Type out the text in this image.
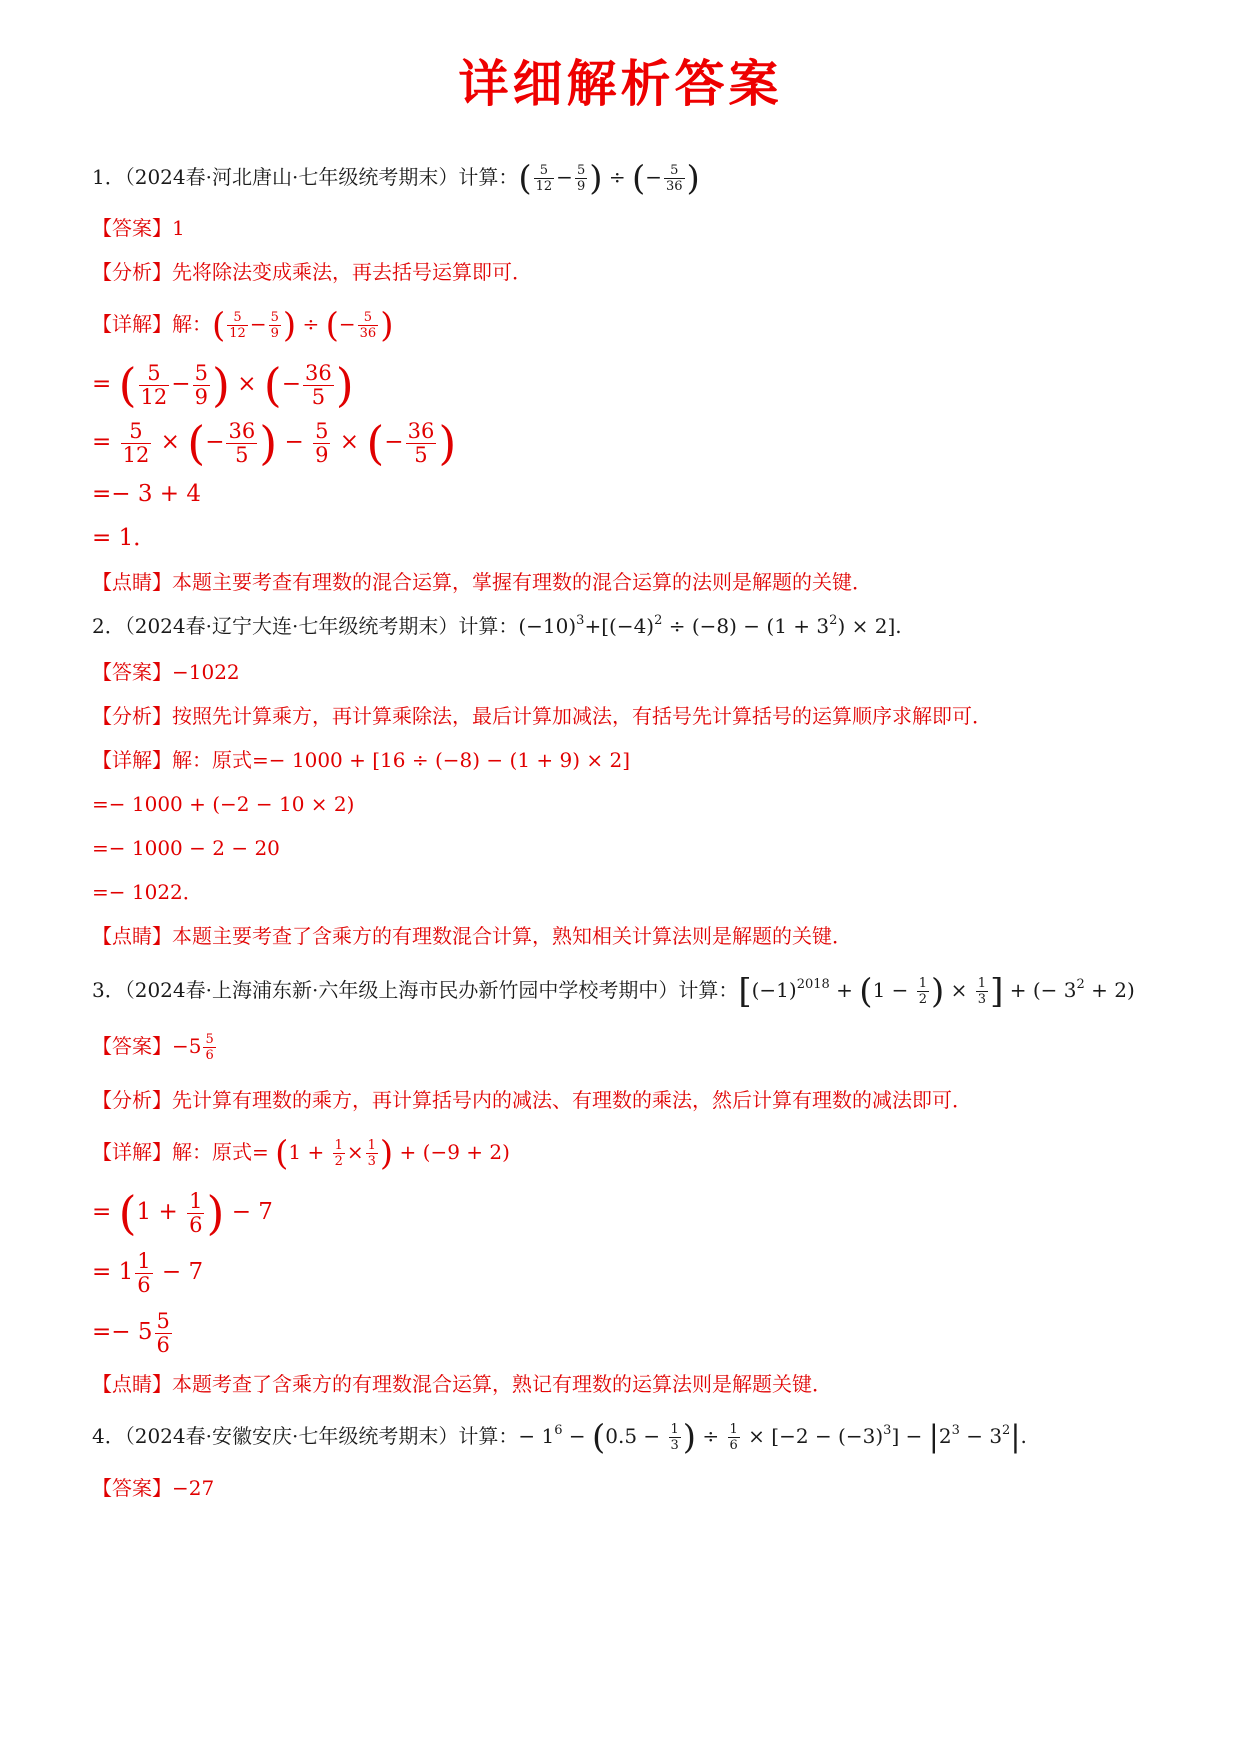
详细解析答案
1．（2024春·河北唐山·七年级统考期末）计算：( $\frac{5}{12} - \frac{5}{9}$ ) ÷ (− $\frac{5}{36}$ )
【答案】1
【分析】先将除法变成乘法，再去括号运算即可．
【详解】解：( $\frac{5}{12} - \frac{5}{9}$ ) ÷ (− $\frac{5}{36}$ )
= ( $\frac{5}{12} - \frac{5}{9}$ ) × (− $\frac{36}{5}$ )
= $\frac{5}{12}$ × (− $\frac{36}{5}$ ) − $\frac{5}{9}$ × (− $\frac{36}{5}$ )
=− 3 + 4
= 1．
【点睛】本题主要考查有理数的混合运算，掌握有理数的混合运算的法则是解题的关键．
2．（2024春·辽宁大连·七年级统考期末）计算：$(-10)^3+[(-4)^2 \div (-8) - (1 + 3^2) \times 2]$.
【答案】−1022
【分析】按照先计算乘方，再计算乘除法，最后计算加减法，有括号先计算括号的运算顺序求解即可．
【详解】解：原式=− 1000 + [16 ÷ (−8) − (1 + 9) × 2]
=− 1000 + (−2 − 10 × 2)
=− 1000 − 2 − 20
=− 1022．
【点睛】本题主要考查了含乘方的有理数混合计算，熟知相关计算法则是解题的关键．
3．（2024春·上海浦东新·六年级上海市民办新竹园中学校考期中）计算：[$(-1)^{2018} + (1 - \frac{1}{2}$ ) × $\frac{1}{3}$ ] + (− $3^2 + 2$)
【答案】$-5 \frac{5}{6}$
【分析】先计算有理数的乘方，再计算括号内的减法、有理数的乘法，然后计算有理数的减法即可．
【详解】解：原式= ($1 + \frac{1}{2} \times \frac{1}{3}$ ) + (−9 + 2)
= ($1 + \frac{1}{6}$ ) − 7
= $1 \frac{1}{6} - 7$
=− $5 \frac{5}{6}$
【点睛】本题考查了含乘方的有理数混合运算，熟记有理数的运算法则是解题关键．
4．（2024春·安徽安庆·七年级统考期末）计算：− $1^6 - (0.5 - \frac{1}{3}$ ) ÷ $\frac{1}{6} \times [-2 - (-3)^3] - |2^3 - 3^2|$.
【答案】−27
